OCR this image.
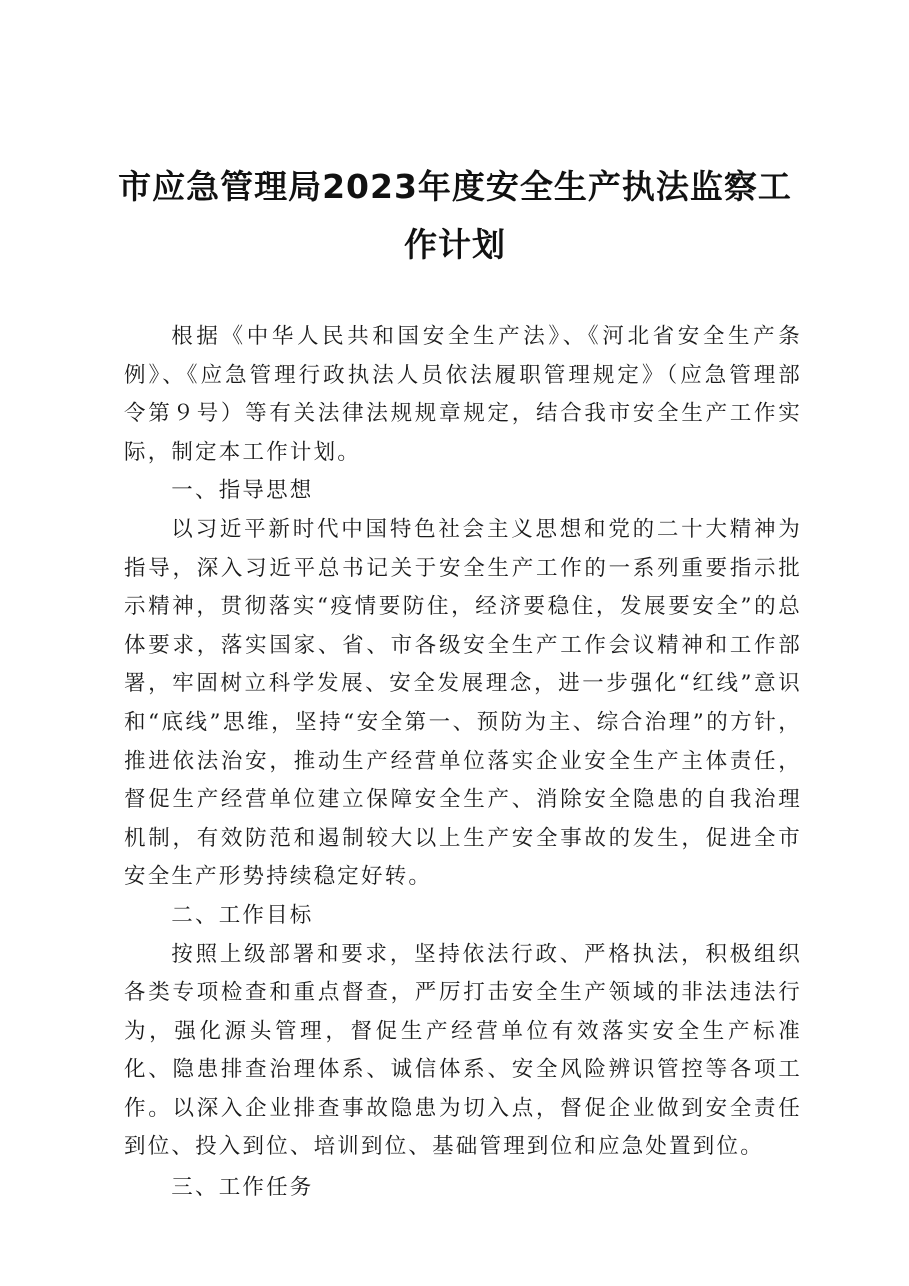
市应急管理局2023年度安全生产执法监察工作计划

根据《中华人民共和国安全生产法》、《河北省安全生产条例》、《应急管理行政执法人员依法履职管理规定》（应急管理部令第９号）等有关法律法规规章规定，结合我市安全生产工作实际，制定本工作计划。

一、指导思想

以习近平新时代中国特色社会主义思想和党的二十大精神为指导，深入习近平总书记关于安全生产工作的一系列重要指示批示精神，贯彻落实“疫情要防住，经济要稳住，发展要安全”的总体要求，落实国家、省、市各级安全生产工作会议精神和工作部署，牢固树立科学发展、安全发展理念，进一步强化“红线”意识和“底线”思维，坚持“安全第一、预防为主、综合治理”的方针，推进依法治安，推动生产经营单位落实企业安全生产主体责任，督促生产经营单位建立保障安全生产、消除安全隐患的自我治理机制，有效防范和遏制较大以上生产安全事故的发生，促进全市安全生产形势持续稳定好转。

二、工作目标

按照上级部署和要求，坚持依法行政、严格执法，积极组织各类专项检查和重点督查，严厉打击安全生产领域的非法违法行为，强化源头管理，督促生产经营单位有效落实安全生产标准化、隐患排查治理体系、诚信体系、安全风险辨识管控等各项工作。以深入企业排查事故隐患为切入点，督促企业做到安全责任到位、投入到位、培训到位、基础管理到位和应急处置到位。

三、工作任务
